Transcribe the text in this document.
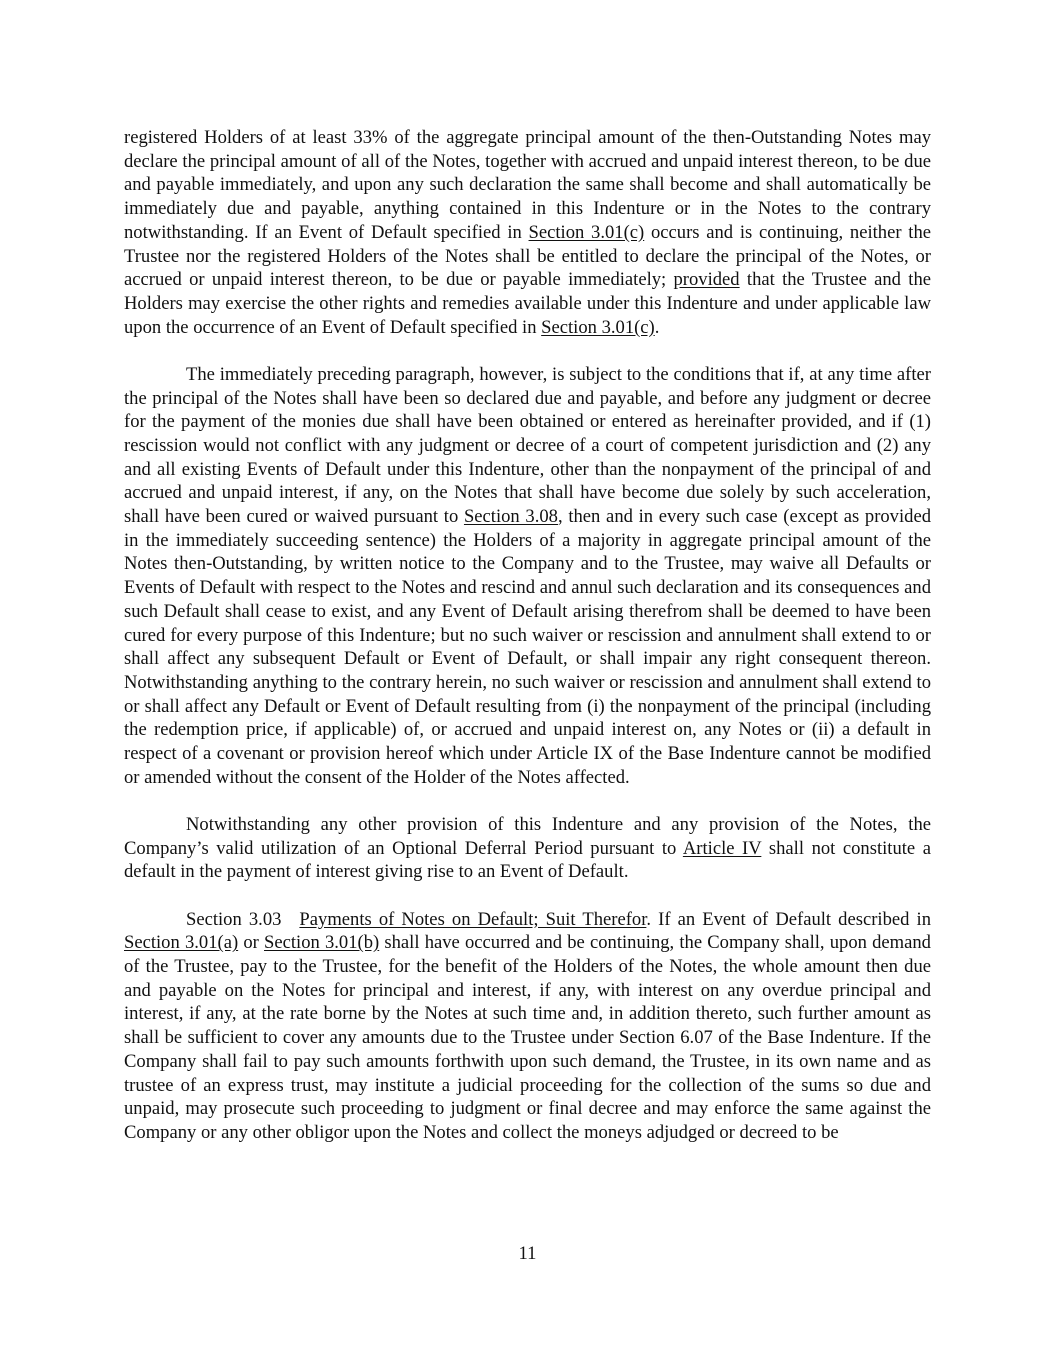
registered Holders of at least 33% of the aggregate principal amount of the then-Outstanding Notes may declare the principal amount of all of the Notes, together with accrued and unpaid interest thereon, to be due and payable immediately, and upon any such declaration the same shall become and shall automatically be immediately due and payable, anything contained in this Indenture or in the Notes to the contrary notwithstanding. If an Event of Default specified in Section 3.01(c) occurs and is continuing, neither the Trustee nor the registered Holders of the Notes shall be entitled to declare the principal of the Notes, or accrued or unpaid interest thereon, to be due or payable immediately; provided that the Trustee and the Holders may exercise the other rights and remedies available under this Indenture and under applicable law upon the occurrence of an Event of Default specified in Section 3.01(c).

The immediately preceding paragraph, however, is subject to the conditions that if, at any time after the principal of the Notes shall have been so declared due and payable, and before any judgment or decree for the payment of the monies due shall have been obtained or entered as hereinafter provided, and if (1) rescission would not conflict with any judgment or decree of a court of competent jurisdiction and (2) any and all existing Events of Default under this Indenture, other than the nonpayment of the principal of and accrued and unpaid interest, if any, on the Notes that shall have become due solely by such acceleration, shall have been cured or waived pursuant to Section 3.08, then and in every such case (except as provided in the immediately succeeding sentence) the Holders of a majority in aggregate principal amount of the Notes then-Outstanding, by written notice to the Company and to the Trustee, may waive all Defaults or Events of Default with respect to the Notes and rescind and annul such declaration and its consequences and such Default shall cease to exist, and any Event of Default arising therefrom shall be deemed to have been cured for every purpose of this Indenture; but no such waiver or rescission and annulment shall extend to or shall affect any subsequent Default or Event of Default, or shall impair any right consequent thereon. Notwithstanding anything to the contrary herein, no such waiver or rescission and annulment shall extend to or shall affect any Default or Event of Default resulting from (i) the nonpayment of the principal (including the redemption price, if applicable) of, or accrued and unpaid interest on, any Notes or (ii) a default in respect of a covenant or provision hereof which under Article IX of the Base Indenture cannot be modified or amended without the consent of the Holder of the Notes affected.

Notwithstanding any other provision of this Indenture and any provision of the Notes, the Company’s valid utilization of an Optional Deferral Period pursuant to Article IV shall not constitute a default in the payment of interest giving rise to an Event of Default.

Section 3.03 Payments of Notes on Default; Suit Therefor. If an Event of Default described in Section 3.01(a) or Section 3.01(b) shall have occurred and be continuing, the Company shall, upon demand of the Trustee, pay to the Trustee, for the benefit of the Holders of the Notes, the whole amount then due and payable on the Notes for principal and interest, if any, with interest on any overdue principal and interest, if any, at the rate borne by the Notes at such time and, in addition thereto, such further amount as shall be sufficient to cover any amounts due to the Trustee under Section 6.07 of the Base Indenture. If the Company shall fail to pay such amounts forthwith upon such demand, the Trustee, in its own name and as trustee of an express trust, may institute a judicial proceeding for the collection of the sums so due and unpaid, may prosecute such proceeding to judgment or final decree and may enforce the same against the Company or any other obligor upon the Notes and collect the moneys adjudged or decreed to be

11
